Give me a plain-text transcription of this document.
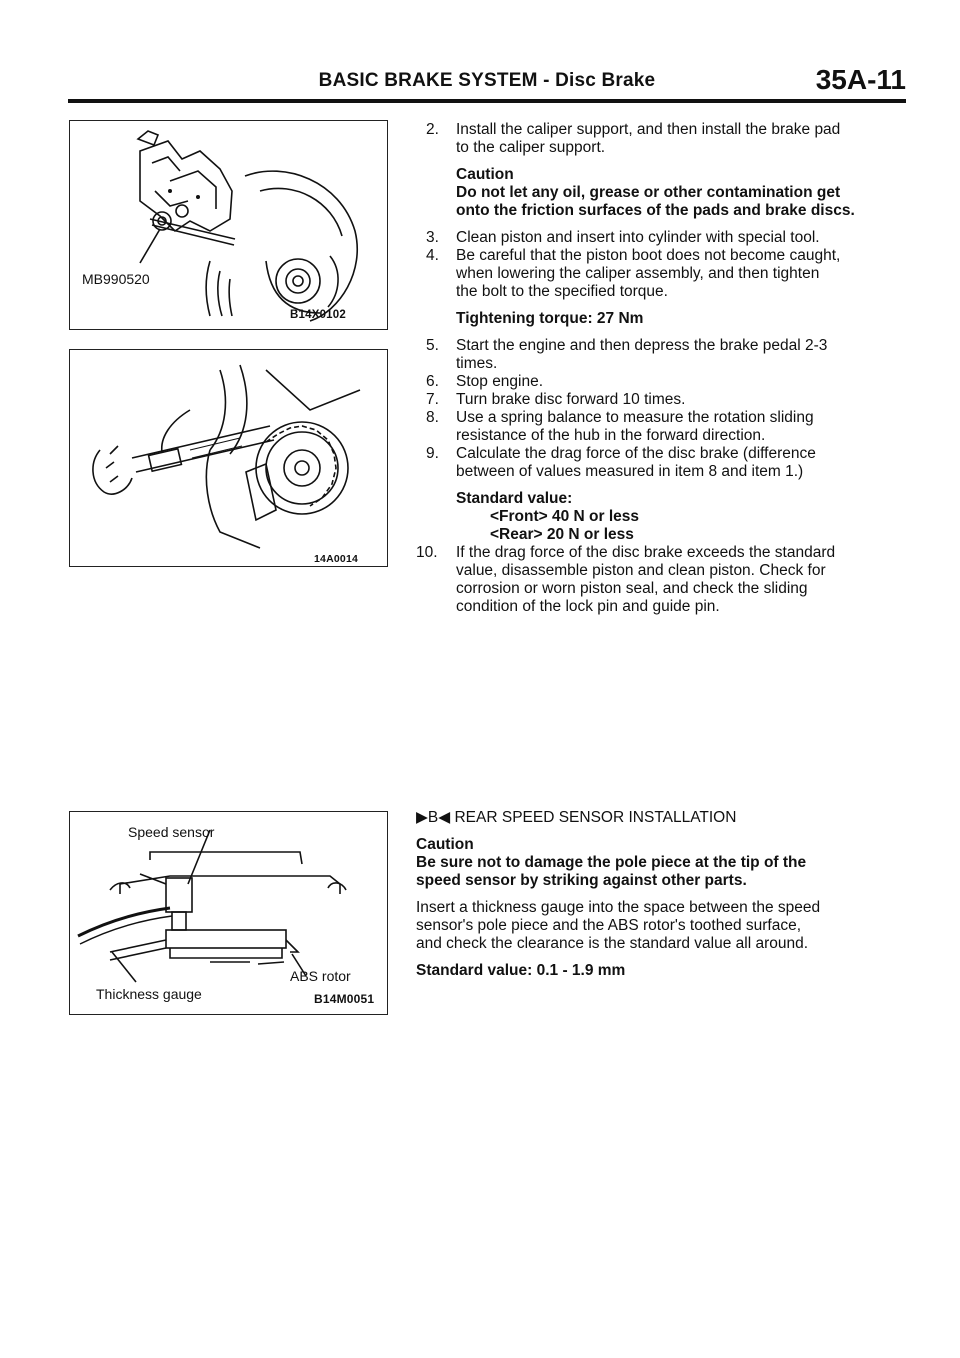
BASIC BRAKE SYSTEM - Disc Brake	35A-11
MB990520
B14X0102
14A0014
Speed sensor
ABS rotor
Thickness gauge	B14M0051
2. Install the caliper support, and then install the brake pad
to the caliper support.
Caution
Do not let any oil, grease or other contamination get
onto the friction surfaces of the pads and brake discs.
3. Clean piston and insert into cylinder with special tool.
4. Be careful that the piston boot does not become caught,
when lowering the caliper assembly, and then tighten
the bolt to the specified torque.
Tightening torque: 27 Nm
5. Start the engine and then depress the brake pedal 2-3
times.
6. Stop engine.
7. Turn brake disc forward 10 times.
8. Use a spring balance to measure the rotation sliding
resistance of the hub in the forward direction.
9. Calculate the drag force of the disc brake (difference
between of values measured in item 8 and item 1.)
Standard value:
<Front> 40 N or less
<Rear> 20 N or less
10. If the drag force of the disc brake exceeds the standard
value, disassemble piston and clean piston. Check for
corrosion or worn piston seal, and check the sliding
condition of the lock pin and guide pin.
▶B◀ REAR SPEED SENSOR INSTALLATION
Caution
Be sure not to damage the pole piece at the tip of the
speed sensor by striking against other parts.
Insert a thickness gauge into the space between the speed
sensor's pole piece and the ABS rotor's toothed surface,
and check the clearance is the standard value all around.
Standard value: 0.1 - 1.9 mm
